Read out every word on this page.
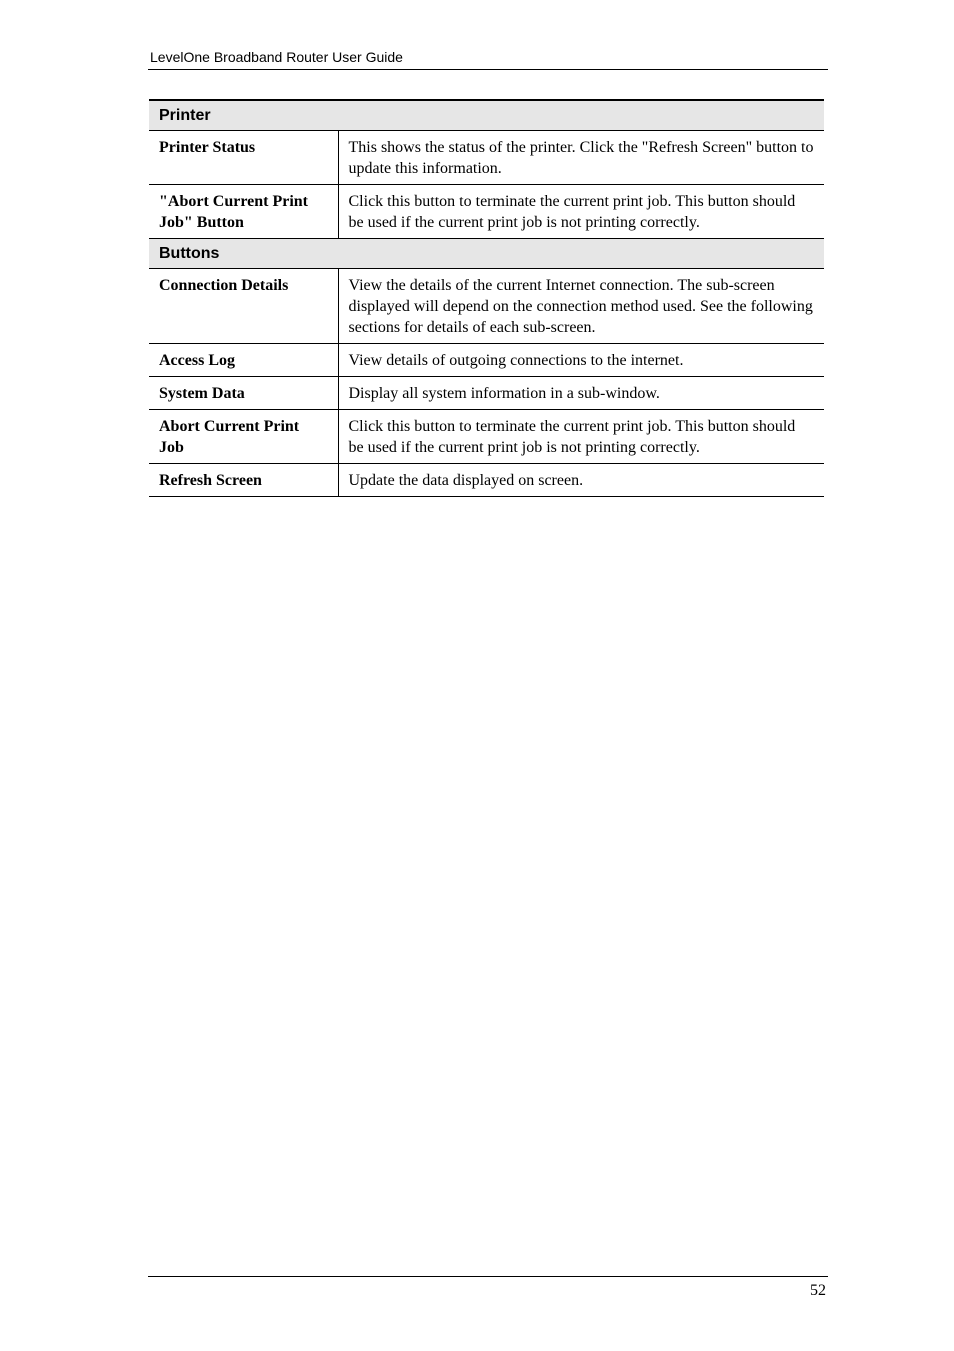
LevelOne Broadband Router User Guide
Printer	
Printer Status	This shows the status of the printer. Click the "Refresh Screen" button to update this information.
"Abort Current Print Job" Button	Click this button to terminate the current print job. This button should be used if the current print job is not printing correctly.
Buttons	
Connection Details	View the details of the current Internet connection. The sub-screen displayed will depend on the connection method used. See the following sections for details of each sub-screen.
Access Log	View details of outgoing connections to the internet.
System Data	Display all system information in a sub-window.
Abort Current Print Job	Click this button to terminate the current print job. This button should be used if the current print job is not printing correctly.
Refresh Screen	Update the data displayed on screen.
52
